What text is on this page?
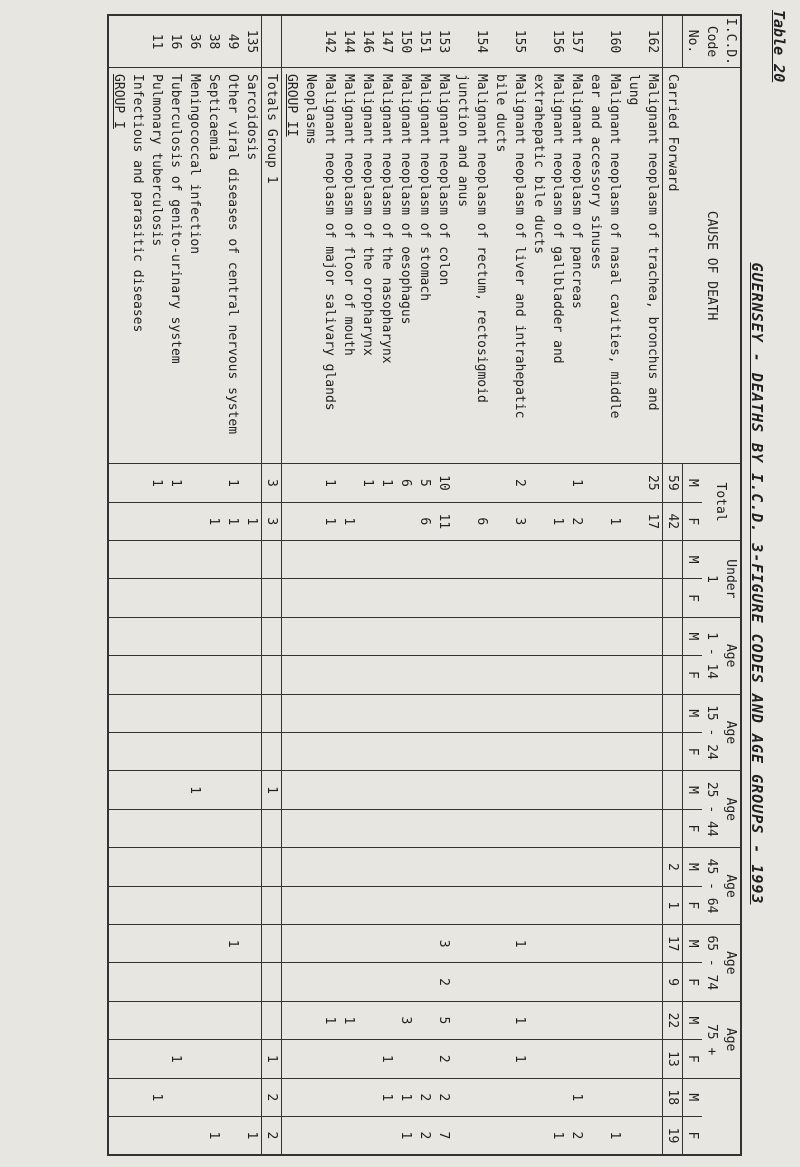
Table 20
GUERNSEY - DEATHS BY I.C.D. 3-FIGURE CODES AND AGE GROUPS - 1993
I.C.D.	CAUSE OF DEATH	Total		Under		Age		Age		Age		Age		Age		Age			
Code				1		1 - 14		15 - 24		25 - 44		45 - 64		65 - 74		75 +			
No.		M	F	M	F	M	F	M	F	M	F	M	F	M	F	M	F	M	F
	Carried Forward	59	42									2	1	17	9	22	13	18	19
162	Malignant neoplasm of trachea, bronchus and	25	17																
	lung																		
160	Malignant neoplasm of nasal cavities, middle		1																1
	ear and accessory sinuses																		
157	Malignant neoplasm of pancreas	1	2															1	2
156	Malignant neoplasm of gallbladder and		1																1
	extrahepatic bile ducts																		
155	Malignant neoplasm of liver and intrahepatic	2	3											1		1	1		
	bile ducts																		
154	Malignant neoplasm of rectum, rectosigmoid		6																
	junction and anus																		
153	Malignant neoplasm of colon	10	11											3	2	5	2	2	7
151	Malignant neoplasm of stomach	5	6															2	2
150	Malignant neoplasm of oesophagus	6														3		1	1
147	Malignant neoplasm of the nasopharynx	1															1	1	
146	Malignant neoplasm of the oropharynx	1																	
144	Malignant neoplasm of floor of mouth		1													1			
142	Malignant neoplasm of major salivary glands	1	1													1			
	Neoplasms																		
	GROUP II																		
	Totals Group 1	3	3							1							1	2	2
135	Sarcoidosis		1																1
49	Other viral diseases of central nervous system	1	1											1					
38	Septicaemia		1																1
36	Meningococcal infection									1									
16	Tuberculosis of genito-urinary system	1															1		
11	Pulmonary tuberculosis	1																1	
	Infectious and parasitic diseases																		
	GROUP I																		
